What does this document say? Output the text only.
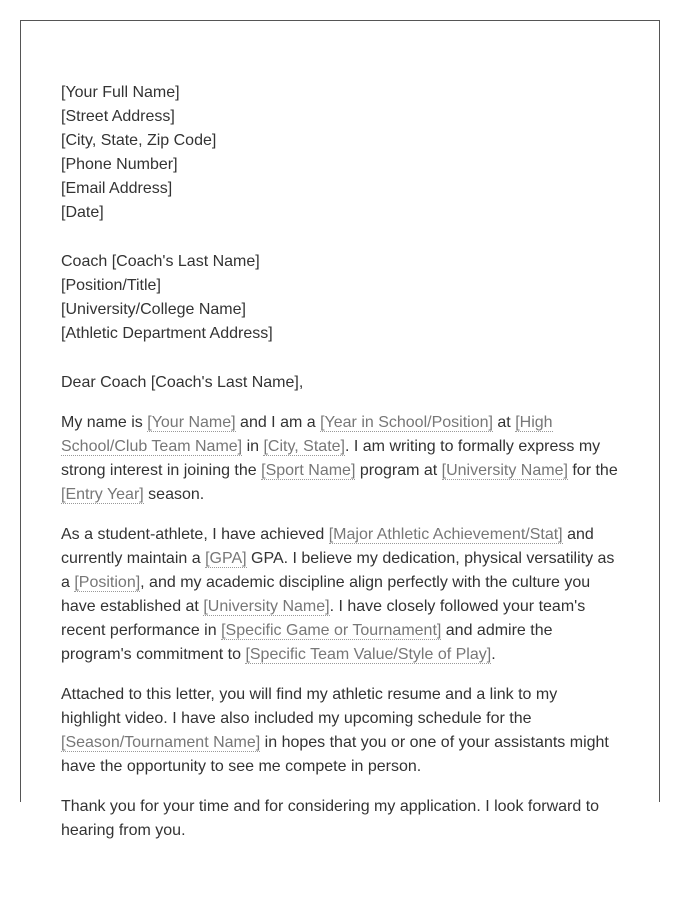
[Your Full Name]
[Street Address]
[City, State, Zip Code]
[Phone Number]
[Email Address]
[Date]
Coach [Coach's Last Name]
[Position/Title]
[University/College Name]
[Athletic Department Address]

Dear Coach [Coach's Last Name],

My name is [Your Name] and I am a [Year in School/Position] at [High School/Club Team Name] in [City, State]. I am writing to formally express my strong interest in joining the [Sport Name] program at [University Name] for the [Entry Year] season.

As a student-athlete, I have achieved [Major Athletic Achievement/Stat] and currently maintain a [GPA] GPA. I believe my dedication, physical versatility as a [Position], and my academic discipline align perfectly with the culture you have established at [University Name]. I have closely followed your team's recent performance in [Specific Game or Tournament] and admire the program's commitment to [Specific Team Value/Style of Play].

Attached to this letter, you will find my athletic resume and a link to my highlight video. I have also included my upcoming schedule for the [Season/Tournament Name] in hopes that you or one of your assistants might have the opportunity to see me compete in person.

Thank you for your time and for considering my application. I look forward to hearing from you.
